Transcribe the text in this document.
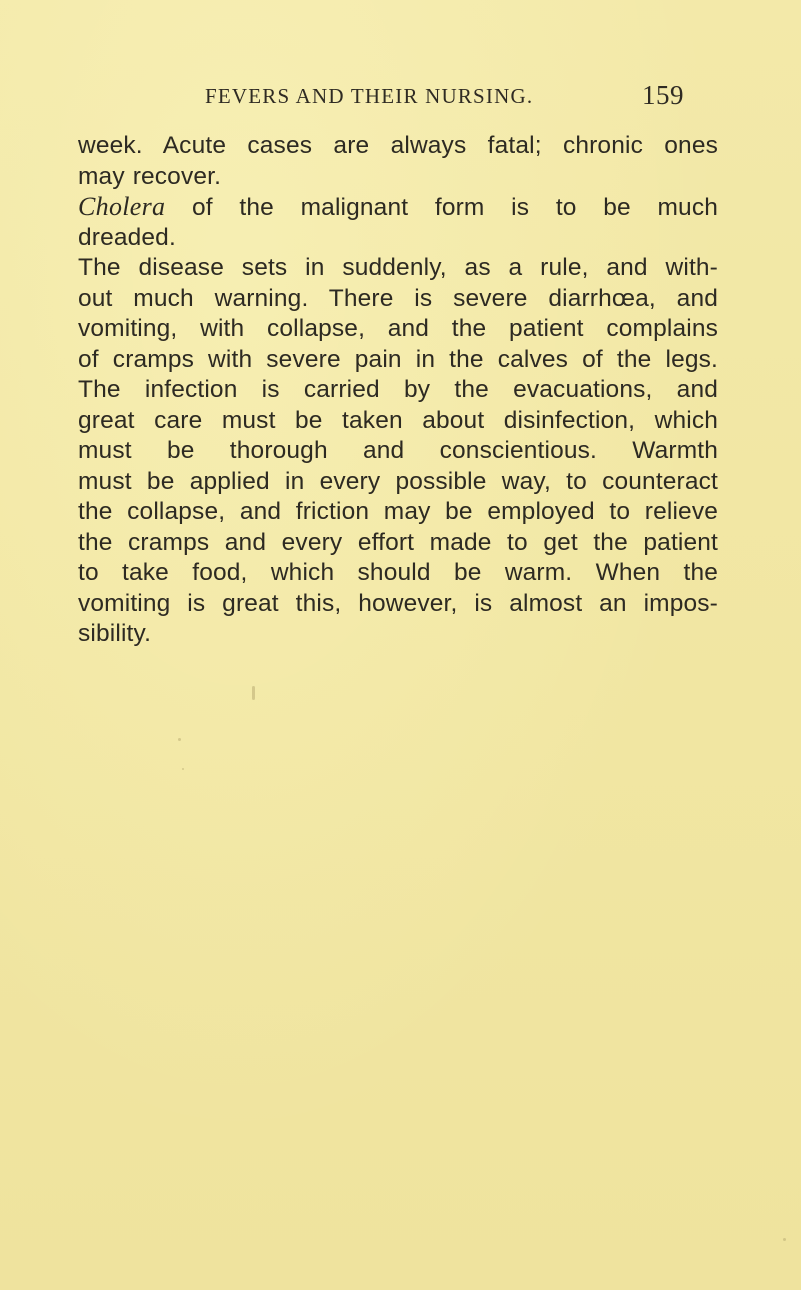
FEVERS AND THEIR NURSING.	159
week. Acute cases are always fatal; chronic ones
may recover.
Cholera of the malignant form is to be much
dreaded.
The disease sets in suddenly, as a rule, and with-
out much warning. There is severe diarrhœa, and
vomiting, with collapse, and the patient complains
of cramps with severe pain in the calves of the legs.
The infection is carried by the evacuations, and
great care must be taken about disinfection, which
must be thorough and conscientious. Warmth
must be applied in every possible way, to counteract
the collapse, and friction may be employed to relieve
the cramps and every effort made to get the patient
to take food, which should be warm. When the
vomiting is great this, however, is almost an impos-
sibility.
